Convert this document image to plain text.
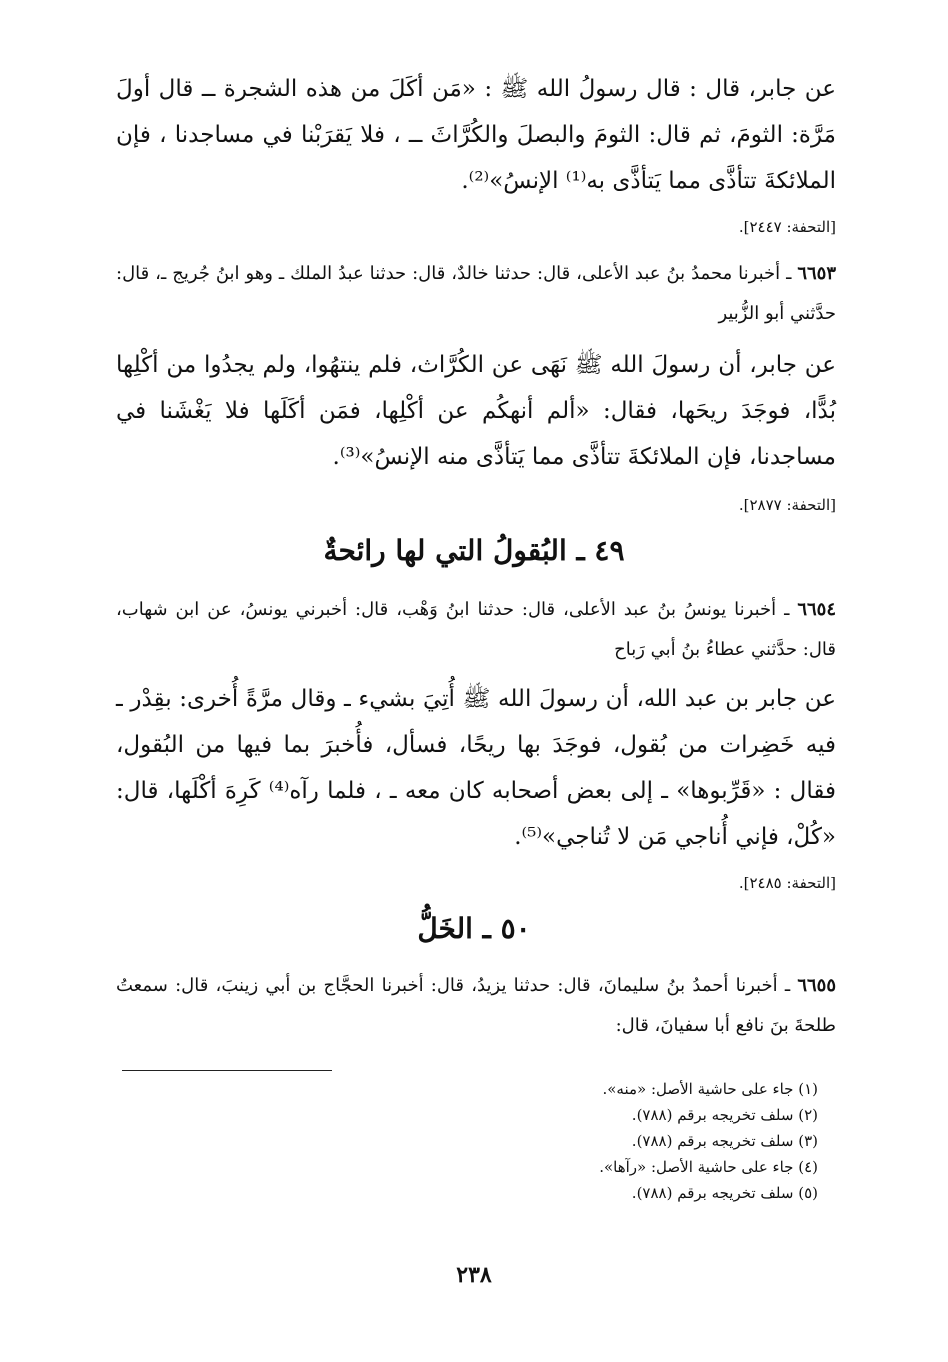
عن جابر، قال : قال رسولُ الله ﷺ : «مَن أكَلَ من هذه الشجرة ــ قال أولَ مَرَّة: الثومَ، ثم قال: الثومَ والبصلَ والكُرَّاثَ ــ ، فلا يَقرَبْنا في مساجدنا ، فإن الملائكةَ تتأذَّى مما يَتأذَّى به⁽¹⁾ الإنسُ»⁽²⁾.
[التحفة: ٢٤٤٧].
٦٦٥٣ ـ أخبرنا محمدُ بنُ عبد الأعلى، قال: حدثنا خالدٌ، قال: حدثنا عبدُ الملك ـ وهو ابنُ جُريج ـ، قال: حدَّثني أبو الزُّبير
عن جابر، أن رسولَ الله ﷺ نَهَى عن الكُرَّاث، فلم ينتهُوا، ولم يجدُوا من أكْلِها بُدًّا، فوجَدَ ريحَها، فقال: «ألم أنهكُم عن أكْلِها، فمَن أكَلَها فلا يَغْشَنا في مساجدنا، فإن الملائكةَ تتأذَّى مما يَتأذَّى منه الإنسُ»⁽³⁾.
[التحفة: ٢٨٧٧].
٤٩ ـ البُقولُ التي لها رائحةٌ
٦٦٥٤ ـ أخبرنا يونسُ بنُ عبد الأعلى، قال: حدثنا ابنُ وَهْب، قال: أخبرني يونسُ، عن ابن شهاب، قال: حدَّثني عطاءُ بنُ أبي رَباح
عن جابر بن عبد الله، أن رسولَ الله ﷺ أُتِيَ بشيء ـ وقال مرَّةً أُخرى: بقِدْر ـ فيه خَضِرات من بُقول، فوجَدَ بها ريحًا، فسأل، فأُخبرَ بما فيها من البُقول، فقال : «قَرِّبوها» ـ إلى بعض أصحابه كان معه ـ ، فلما رآه⁽⁴⁾ كَرِهَ أكْلَها، قال: «كُلْ، فإني أُناجي مَن لا تُناجي»⁽⁵⁾.
[التحفة: ٢٤٨٥].
٥٠ ـ الخَلُّ
٦٦٥٥ ـ أخبرنا أحمدُ بنُ سليمانَ، قال: حدثنا يزيدُ، قال: أخبرنا الحجَّاج بن أبي زينبَ، قال: سمعتُ طلحةَ بنَ نافع أبا سفيانَ، قال:
(١) جاء على حاشية الأصل: «منه».
(٢) سلف تخريجه برقم (٧٨٨).
(٣) سلف تخريجه برقم (٧٨٨).
(٤) جاء على حاشية الأصل: «رآها».
(٥) سلف تخريجه برقم (٧٨٨).
٢٣٨
